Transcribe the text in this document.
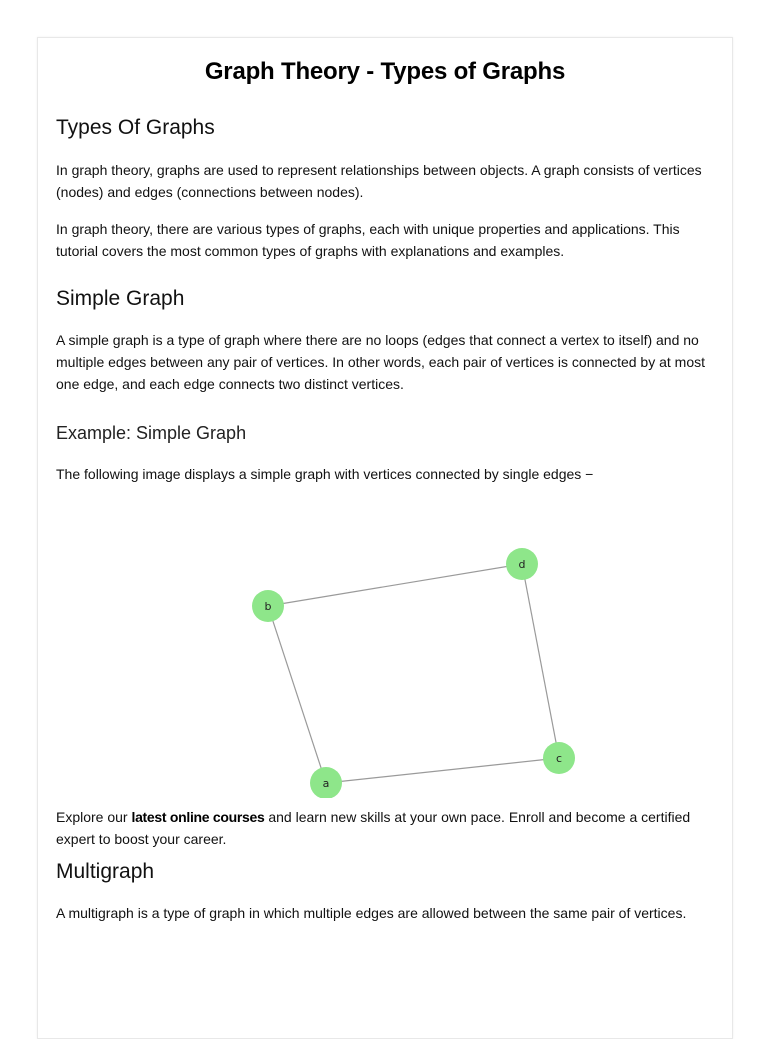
Graph Theory - Types of Graphs
Types Of Graphs

In graph theory, graphs are used to represent relationships between objects. A graph consists of vertices (nodes) and edges (connections between nodes).

In graph theory, there are various types of graphs, each with unique properties and applications. This tutorial covers the most common types of graphs with explanations and examples.

Simple Graph

A simple graph is a type of graph where there are no loops (edges that connect a vertex to itself) and no multiple edges between any pair of vertices. In other words, each pair of vertices is connected by at most one edge, and each edge connects two distinct vertices.

Example: Simple Graph

The following image displays a simple graph with vertices connected by single edges −

d
b
c
a

Explore our latest online courses and learn new skills at your own pace. Enroll and become a certified expert to boost your career.

Multigraph

A multigraph is a type of graph in which multiple edges are allowed between the same pair of vertices.
